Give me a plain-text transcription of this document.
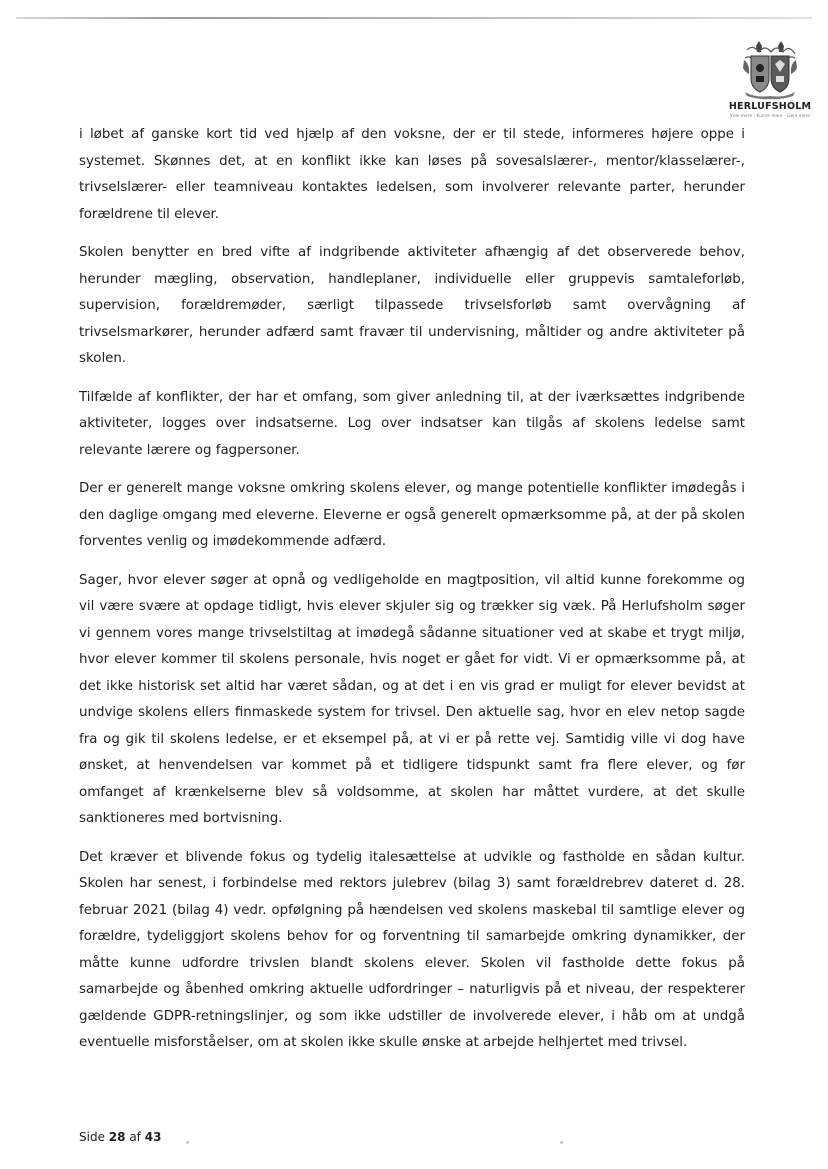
HERLUFSHOLM
Vide mere · Kunne mere · Gøre mere

i løbet af ganske kort tid ved hjælp af den voksne, der er til stede, informeres højere oppe i systemet. Skønnes det, at en konflikt ikke kan løses på sovesalslærer-, mentor/klasselærer-, trivselslærer- eller teamniveau kontaktes ledelsen, som involverer relevante parter, herunder forældrene til elever.

Skolen benytter en bred vifte af indgribende aktiviteter afhængig af det observerede behov, herunder mægling, observation, handleplaner, individuelle eller gruppevis samtaleforløb, supervision, forældremøder, særligt tilpassede trivselsforløb samt overvågning af trivselsmarkører, herunder adfærd samt fravær til undervisning, måltider og andre aktiviteter på skolen.

Tilfælde af konflikter, der har et omfang, som giver anledning til, at der iværksættes indgribende aktiviteter, logges over indsatserne. Log over indsatser kan tilgås af skolens ledelse samt relevante lærere og fagpersoner.

Der er generelt mange voksne omkring skolens elever, og mange potentielle konflikter imødegås i den daglige omgang med eleverne. Eleverne er også generelt opmærksomme på, at der på skolen forventes venlig og imødekommende adfærd.

Sager, hvor elever søger at opnå og vedligeholde en magtposition, vil altid kunne forekomme og vil være svære at opdage tidligt, hvis elever skjuler sig og trækker sig væk. På Herlufsholm søger vi gennem vores mange trivselstiltag at imødegå sådanne situationer ved at skabe et trygt miljø, hvor elever kommer til skolens personale, hvis noget er gået for vidt. Vi er opmærksomme på, at det ikke historisk set altid har været sådan, og at det i en vis grad er muligt for elever bevidst at undvige skolens ellers finmaskede system for trivsel. Den aktuelle sag, hvor en elev netop sagde fra og gik til skolens ledelse, er et eksempel på, at vi er på rette vej. Samtidig ville vi dog have ønsket, at henvendelsen var kommet på et tidligere tidspunkt samt fra flere elever, og før omfanget af krænkelserne blev så voldsomme, at skolen har måttet vurdere, at det skulle sanktioneres med bortvisning.

Det kræver et blivende fokus og tydelig italesættelse at udvikle og fastholde en sådan kultur. Skolen har senest, i forbindelse med rektors julebrev (bilag 3) samt forældrebrev dateret d. 28. februar 2021 (bilag 4) vedr. opfølgning på hændelsen ved skolens maskebal til samtlige elever og forældre, tydeliggjort skolens behov for og forventning til samarbejde omkring dynamikker, der måtte kunne udfordre trivslen blandt skolens elever. Skolen vil fastholde dette fokus på samarbejde og åbenhed omkring aktuelle udfordringer – naturligvis på et niveau, der respekterer gældende GDPR-retningslinjer, og som ikke udstiller de involverede elever, i håb om at undgå eventuelle misforståelser, om at skolen ikke skulle ønske at arbejde helhjertet med trivsel.

Side 28 af 43
